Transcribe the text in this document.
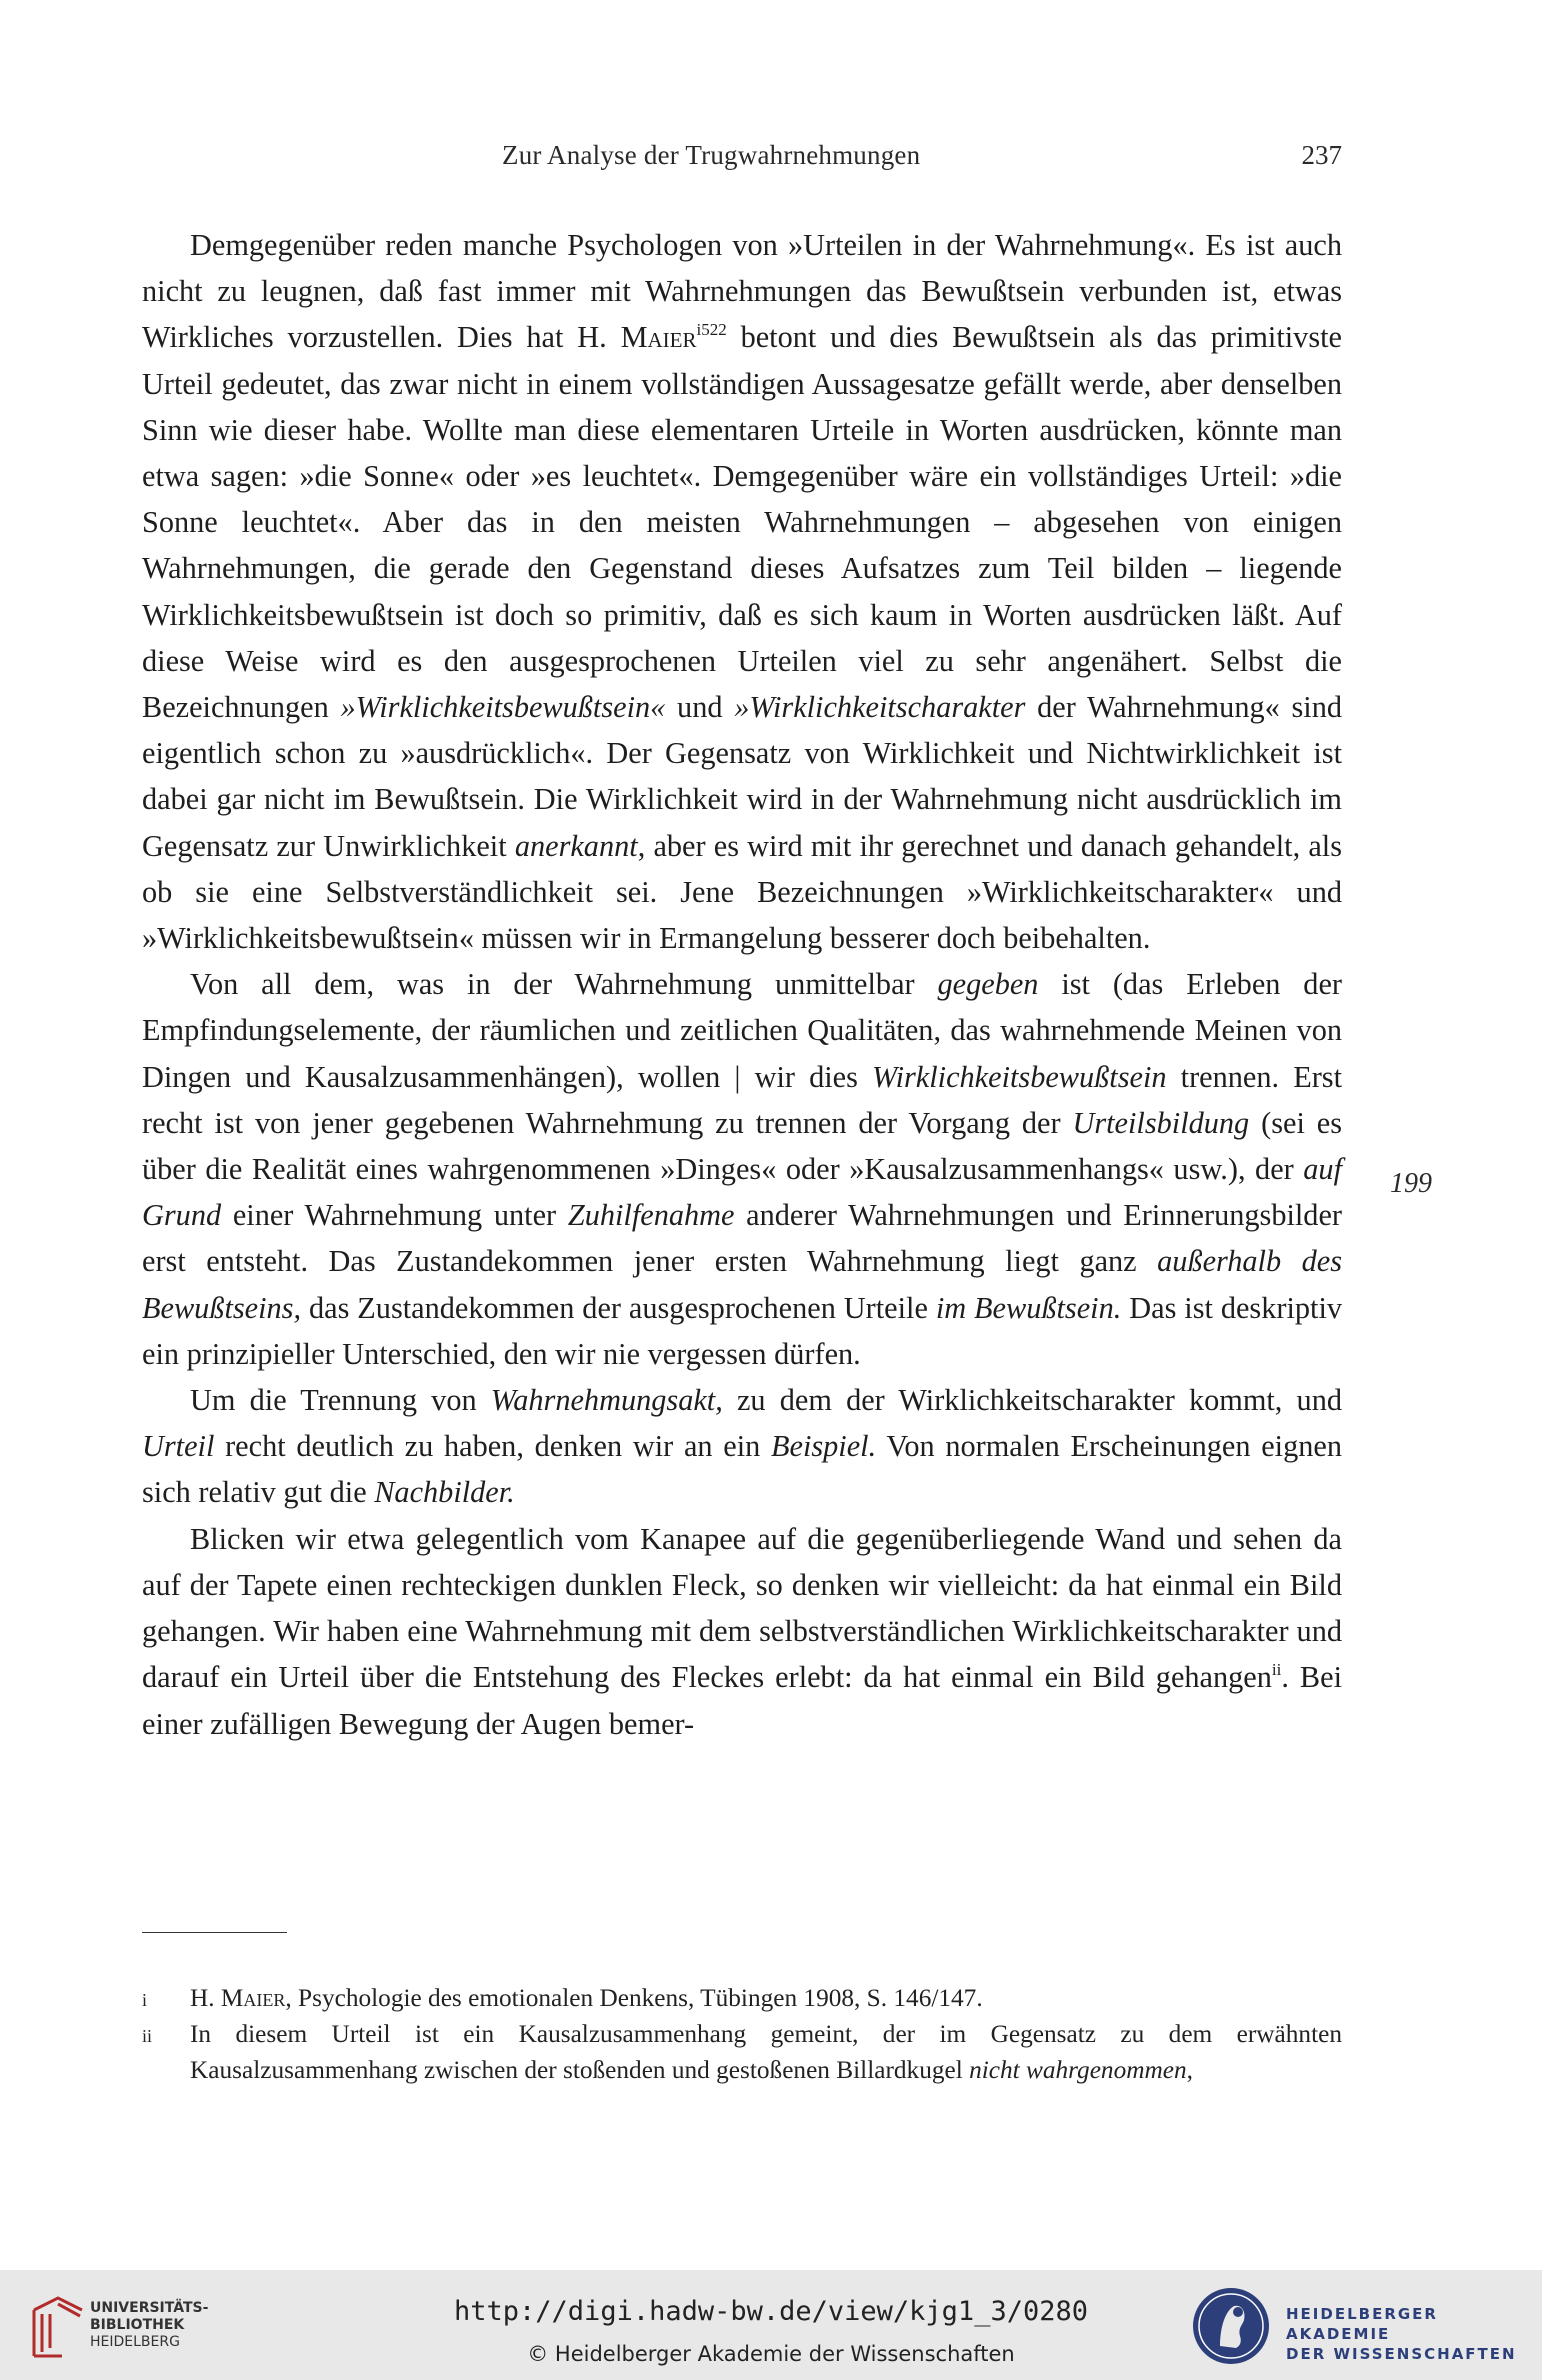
Zur Analyse der Trugwahrnehmungen	237

Demgegenüber reden manche Psychologen von »Urteilen in der Wahrnehmung«. Es ist auch nicht zu leugnen, daß fast immer mit Wahrnehmungen das Bewußtsein verbunden ist, etwas Wirkliches vorzustellen. Dies hat H. Maier$^{i522}$ betont und dies Bewußtsein als das primitivste Urteil gedeutet, das zwar nicht in einem vollständigen Aussagesatze gefällt werde, aber denselben Sinn wie dieser habe. Wollte man diese elementaren Urteile in Worten ausdrücken, könnte man etwa sagen: »die Sonne« oder »es leuchtet«. Demgegenüber wäre ein vollständiges Urteil: »die Sonne leuchtet«. Aber das in den meisten Wahrnehmungen – abgesehen von einigen Wahrnehmungen, die gerade den Gegenstand dieses Aufsatzes zum Teil bilden – liegende Wirklichkeitsbewußtsein ist doch so primitiv, daß es sich kaum in Worten ausdrücken läßt. Auf diese Weise wird es den ausgesprochenen Urteilen viel zu sehr angenähert. Selbst die Bezeichnungen »Wirklichkeitsbewußtsein« und »Wirklichkeitscharakter der Wahrnehmung« sind eigentlich schon zu »ausdrücklich«. Der Gegensatz von Wirklichkeit und Nichtwirklichkeit ist dabei gar nicht im Bewußtsein. Die Wirklichkeit wird in der Wahrnehmung nicht ausdrücklich im Gegensatz zur Unwirklichkeit anerkannt, aber es wird mit ihr gerechnet und danach gehandelt, als ob sie eine Selbstverständlichkeit sei. Jene Bezeichnungen »Wirklichkeitscharakter« und »Wirklichkeitsbewußtsein« müssen wir in Ermangelung besserer doch beibehalten.

Von all dem, was in der Wahrnehmung unmittelbar gegeben ist (das Erleben der Empfindungselemente, der räumlichen und zeitlichen Qualitäten, das wahrnehmende Meinen von Dingen und Kausalzusammenhängen), wollen | wir dies Wirklichkeitsbewußtsein trennen. Erst recht ist von jener gegebenen Wahrnehmung zu trennen der Vorgang der Urteilsbildung (sei es über die Realität eines wahrgenommenen »Dinges« oder »Kausalzusammenhangs« usw.), der auf Grund einer Wahrnehmung unter Zuhilfenahme anderer Wahrnehmungen und Erinnerungsbilder erst entsteht. Das Zustandekommen jener ersten Wahrnehmung liegt ganz außerhalb des Bewußtseins, das Zustandekommen der ausgesprochenen Urteile im Bewußtsein. Das ist deskriptiv ein prinzipieller Unterschied, den wir nie vergessen dürfen.

Um die Trennung von Wahrnehmungsakt, zu dem der Wirklichkeitscharakter kommt, und Urteil recht deutlich zu haben, denken wir an ein Beispiel. Von normalen Erscheinungen eignen sich relativ gut die Nachbilder.

Blicken wir etwa gelegentlich vom Kanapee auf die gegenüberliegende Wand und sehen da auf der Tapete einen rechteckigen dunklen Fleck, so denken wir vielleicht: da hat einmal ein Bild gehangen. Wir haben eine Wahrnehmung mit dem selbstverständlichen Wirklichkeitscharakter und darauf ein Urteil über die Entstehung des Fleckes erlebt: da hat einmal ein Bild gehangen$^{ii}$. Bei einer zufälligen Bewegung der Augen bemer-

199
i H. Maier, Psychologie des emotionalen Denkens, Tübingen 1908, S. 146/147.
ii In diesem Urteil ist ein Kausalzusammenhang gemeint, der im Gegensatz zu dem erwähnten Kausalzusammenhang zwischen der stoßenden und gestoßenen Billardkugel nicht wahrgenommen,
UNIVERSITÄTS-
BIBLIOTHEK
HEIDELBERG
http://digi.hadw-bw.de/view/kjg1_3/0280
© Heidelberger Akademie der Wissenschaften
HEIDELBERGER AKADEMIE
DER WISSENSCHAFTEN
